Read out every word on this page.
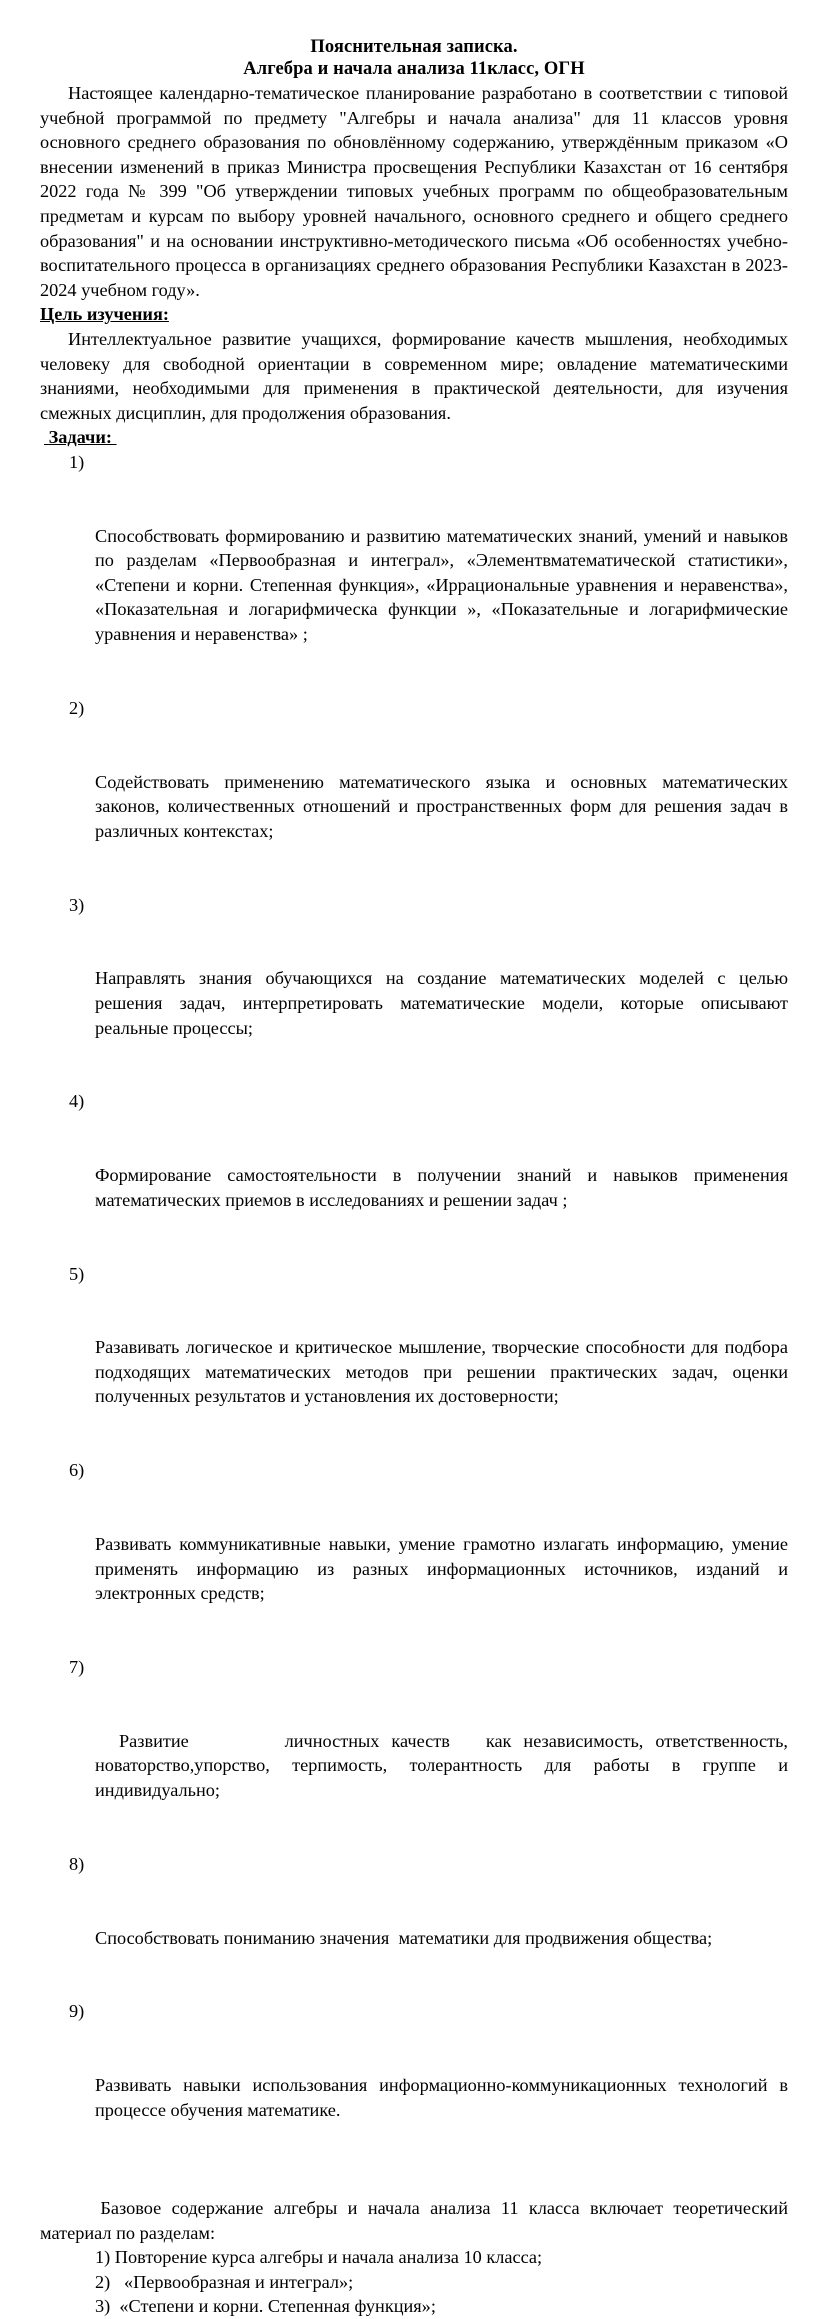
Пояснительная записка.
Алгебра и начала анализа 11класс, ОГН

Настоящее календарно-тематическое планирование разработано в соответствии с типовой учебной программой по предмету "Алгебры и начала анализа" для 11 классов уровня основного среднего образования по обновлённому содержанию, утверждённым приказом «О внесении изменений в приказ Министра просвещения Республики Казахстан от 16 сентября 2022 года № 399 "Об утверждении типовых учебных программ по общеобразовательным предметам и курсам по выбору уровней начального, основного среднего и общего среднего образования" и на основании инструктивно-методического письма «Об особенностях учебно-воспитательного процесса в организациях среднего образования Республики Казахстан в 2023-2024 учебном году».

Цель изучения:

Интеллектуальное развитие учащихся, формирование качеств мышления, необходимых человеку для свободной ориентации в современном мире; овладение математическими знаниями, необходимыми для применения в практической деятельности, для изучения смежных дисциплин, для продолжения образования.

Задачи:

1)

Способствовать формированию и развитию математических знаний, умений и навыков по разделам «Первообразная и интеграл», «Элементвматематической статистики», «Степени и корни. Степенная функция», «Иррациональные уравнения и неравенства», «Показательная и логарифмическа функции », «Показательные и логарифмические уравнения и неравенства» ;

2)

Содействовать применению математического языка и основных математических законов, количественных отношений и пространственных форм для решения задач в различных контекстах;

3)

Направлять знания обучающихся на создание математических моделей с целью решения задач, интерпретировать математические модели, которые описывают реальные процессы;

4)

Формирование самостоятельности в получении знаний и навыков применения математических приемов в исследованиях и решении задач ;

5)

Разавивать логическое и критическое мышление, творческие способности для подбора подходящих математических методов при решении практических задач, оценки полученных результатов и установления их достоверности;

6)

Развивать коммуникативные навыки, умение грамотно излагать информацию, умение применять информацию из разных информационных источников, изданий и электронных средств;

7)

Развитие        личностных качеств   как независимость, ответственность, новаторство,упорство, терпимость, толерантность для работы в группе и индивидуально;

8)

Способствовать пониманию значения  математики для продвижения общества;

9)

Развивать навыки использования информационно-коммуникационных технологий в процессе обучения математике.

Базовое содержание алгебры и начала анализа 11 класса включает теоретический материал по разделам:

1) Повторение курса алгебры и начала анализа 10 класса;
2)   «Первообразная и интеграл»;
3)  «Степени и корни. Степенная функция»;
